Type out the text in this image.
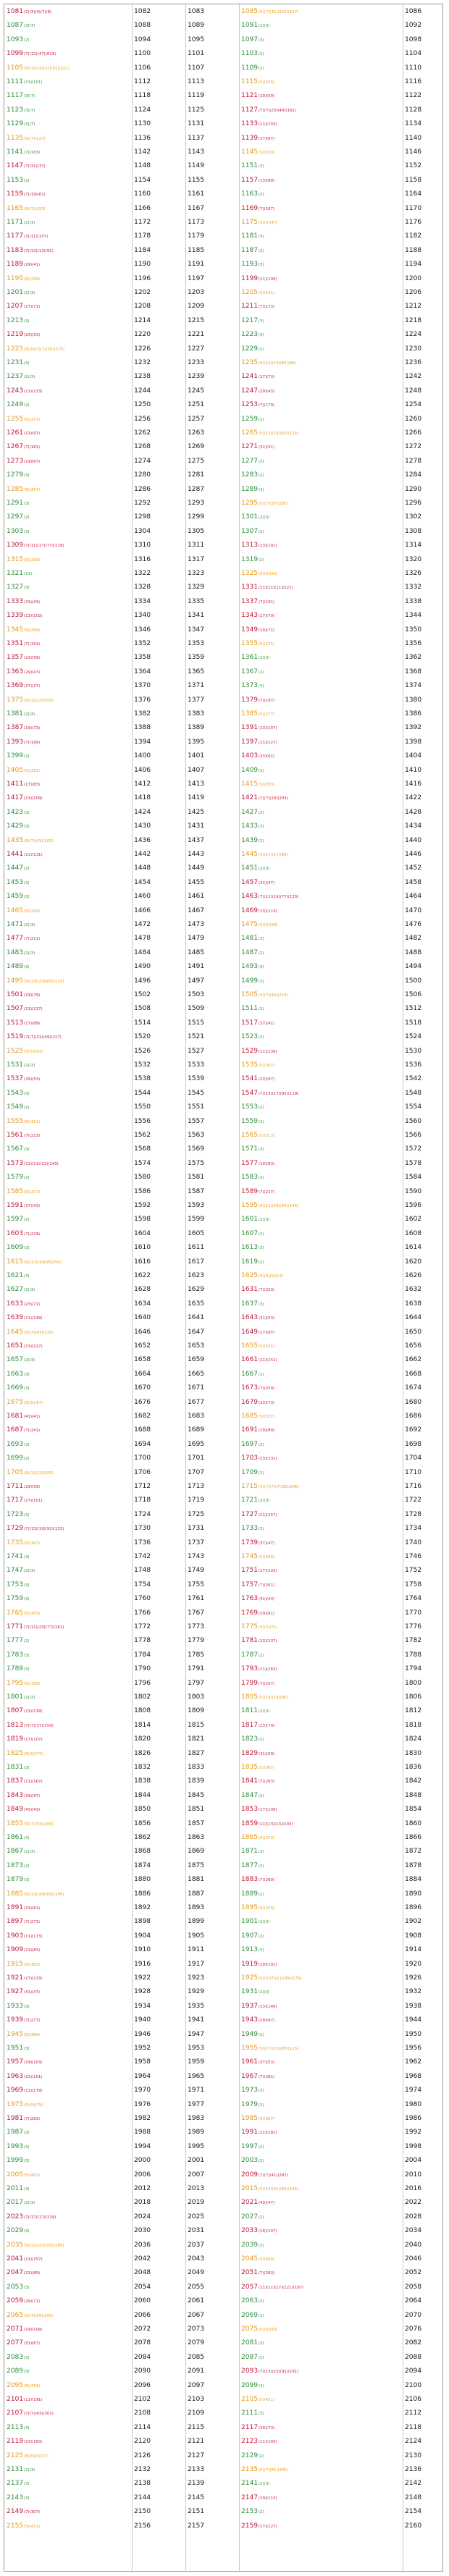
1081(2)(3)(4)(7)(8)
1087(3)(7)
1093(7)
1099(7)(13)(47)(619)
1105(5)(7)(13)(17)(61)(221)
1111(11)(101)
1117(3)(7)
1123(3)(7)
1129(3)(7)
1135(5)(7)(227)
1141(7)(163)
1147(7)(31)(37)
1153(2)
1159(7)(19)(61)
1165(5)(7)(233)
1171(2)(3)
1177(3)(11)(107)
1183(7)(13)(13)(91)
1189(29)(41)
1195(5)(239)
1201(2)(3)
1207(17)(71)
1213(3)
1219(23)(53)
1225(5)(5)(7)(7)(35)(175)
1231(3)
1237(2)(3)
1243(11)(113)
1249(2)
1255(5)(251)
1261(13)(97)
1267(7)(181)
1273(19)(67)
1279(3)
1285(5)(257)
1291(3)
1297(2)
1303(3)
1309(7)(11)(17)(77)(119)
1315(5)(263)
1321(13)
1327(3)
1333(31)(43)
1339(13)(103)
1345(5)(269)
1351(7)(193)
1357(23)(59)
1363(29)(47)
1369(37)(37)
1375(5)(11)(25)(55)
1381(2)(3)
1387(19)(73)
1393(7)(199)
1399(2)
1405(5)(281)
1411(17)(83)
1417(13)(109)
1423(3)
1429(3)
1435(5)(7)(41)(205)
1441(11)(131)
1447(2)
1453(3)
1459(3)
1465(5)(293)
1471(2)(3)
1477(7)(211)
1483(2)(3)
1489(3)
1495(5)(13)(23)(65)(115)
1501(19)(79)
1507(11)(137)
1513(17)(89)
1519(7)(7)(31)(49)(217)
1525(5)(5)(61)
1531(2)(3)
1537(29)(53)
1543(3)
1549(2)
1555(5)(311)
1561(7)(223)
1567(3)
1573(11)(11)(13)(143)
1579(2)
1585(5)(317)
1591(37)(43)
1597(2)
1603(7)(229)
1609(3)
1615(5)(17)(19)(85)(95)
1621(3)
1627(2)(3)
1633(23)(71)
1639(11)(149)
1645(5)(7)(47)(235)
1651(13)(127)
1657(2)(3)
1663(3)
1669(3)
1675(5)(5)(67)
1681(41)(41)
1687(7)(241)
1693(3)
1699(2)
1705(5)(11)(31)(55)
1711(29)(59)
1717(17)(101)
1723(3)
1729(7)(13)(19)(91)(133)
1735(5)(347)
1741(3)
1747(2)(3)
1753(3)
1759(3)
1765(5)(353)
1771(7)(11)(23)(77)(161)
1777(2)
1783(3)
1789(3)
1795(5)(359)
1801(2)(3)
1807(13)(139)
1813(7)(7)(37)(259)
1819(17)(107)
1825(5)(5)(73)
1831(3)
1837(11)(167)
1843(19)(97)
1849(43)(43)
1855(5)(7)(53)(265)
1861(3)
1867(2)(3)
1873(2)
1879(3)
1885(5)(13)(29)(65)(145)
1891(31)(61)
1897(7)(271)
1903(11)(173)
1909(23)(83)
1915(5)(383)
1921(17)(113)
1927(41)(47)
1933(3)
1939(7)(277)
1945(5)(389)
1951(3)
1957(19)(103)
1963(13)(151)
1969(11)(179)
1975(5)(5)(79)
1981(7)(283)
1987(3)
1993(3)
1999(3)
2005(5)(401)
2011(3)
2017(2)(3)
2023(7)(17)(17)(119)
2029(3)
2035(5)(11)(37)(55)(185)
2041(13)(157)
2047(23)(89)
2053(3)
2059(29)(71)
2065(5)(7)(59)(295)
2071(19)(109)
2077(31)(67)
2083(3)
2089(3)
2095(5)(419)
2101(11)(191)
2107(7)(7)(43)(301)
2113(3)
2119(13)(163)
2125(5)(5)(5)(17)
2131(2)(3)
2137(3)
2143(3)
2149(7)(307)
2155(5)(431)
1082
1088
1094
1100
1106
1112
1118
1124
1130
1136
1142
1148
1154
1160
1166
1172
1178
1184
1190
1196
1202
1208
1214
1220
1226
1232
1238
1244
1250
1256
1262
1268
1274
1280
1286
1292
1298
1304
1310
1316
1322
1328
1334
1340
1346
1352
1358
1364
1370
1376
1382
1388
1394
1400
1406
1412
1418
1424
1430
1436
1442
1448
1454
1460
1466
1472
1478
1484
1490
1496
1502
1508
1514
1520
1526
1532
1538
1544
1550
1556
1562
1568
1574
1580
1586
1592
1598
1604
1610
1616
1622
1628
1634
1640
1646
1652
1658
1664
1670
1676
1682
1688
1694
1700
1706
1712
1718
1724
1730
1736
1742
1748
1754
1760
1766
1772
1778
1784
1790
1796
1802
1808
1814
1820
1826
1832
1838
1844
1850
1856
1862
1868
1874
1880
1886
1892
1898
1904
1910
1916
1922
1928
1934
1940
1946
1952
1958
1964
1970
1976
1982
1988
1994
2000
2006
2012
2018
2024
2030
2036
2042
2048
2054
2060
2066
2072
2078
2084
2090
2096
2102
2108
2114
2120
2126
2132
2138
2144
2150
2156
1083
1089
1095
1101
1107
1113
1119
1125
1131
1137
1143
1149
1155
1161
1167
1173
1179
1185
1191
1197
1203
1209
1215
1221
1227
1233
1239
1245
1251
1257
1263
1269
1275
1281
1287
1293
1299
1305
1311
1317
1323
1329
1335
1341
1347
1353
1359
1365
1371
1377
1383
1389
1395
1401
1407
1413
1419
1425
1431
1437
1443
1449
1455
1461
1467
1473
1479
1485
1491
1497
1503
1509
1515
1521
1527
1533
1539
1545
1551
1557
1563
1569
1575
1581
1587
1593
1599
1605
1611
1617
1623
1629
1635
1641
1647
1653
1659
1665
1671
1677
1683
1689
1695
1701
1707
1713
1719
1725
1731
1737
1743
1749
1755
1761
1767
1773
1779
1785
1791
1797
1803
1809
1815
1821
1827
1833
1839
1845
1851
1857
1863
1869
1875
1881
1887
1893
1899
1905
1911
1917
1923
1929
1935
1941
1947
1953
1959
1965
1971
1977
1983
1989
1995
2001
2007
2013
2019
2025
2031
2037
2043
2049
2055
2061
2067
2073
2079
2085
2091
2097
2103
2109
2115
2121
2127
2133
2139
2145
2151
2157
1085(5)(7)(31)(155)(217)
1091(2)(3)
1097(3)
1103(2)
1109(2)
1115(5)(223)
1121(19)(59)
1127(7)(7)(23)(49)(161)
1133(11)(103)
1139(17)(67)
1145(5)(229)
1151(3)
1157(13)(89)
1163(2)
1169(7)(167)
1175(5)(5)(47)
1181(3)
1187(2)
1193(3)
1199(11)(109)
1205(5)(241)
1211(7)(173)
1217(3)
1223(3)
1229(2)
1235(5)(13)(19)(65)(95)
1241(17)(73)
1247(29)(43)
1253(7)(179)
1259(2)
1265(5)(11)(23)(55)(115)
1271(31)(41)
1277(3)
1283(2)
1289(3)
1295(5)(7)(37)(185)
1301(2)(3)
1307(2)
1313(13)(101)
1319(2)
1325(5)(5)(53)
1331(11)(11)(11)(121)
1337(7)(191)
1343(17)(79)
1349(19)(71)
1355(5)(271)
1361(2)(3)
1367(2)
1373(3)
1379(7)(197)
1385(5)(277)
1391(13)(107)
1397(11)(127)
1403(23)(61)
1409(2)
1415(5)(283)
1421(7)(7)(29)(203)
1427(2)
1433(3)
1439(2)
1445(5)(17)(17)(85)
1451(2)(3)
1457(31)(47)
1463(7)(11)(19)(77)(133)
1469(13)(113)
1475(5)(5)(59)
1481(3)
1487(2)
1493(3)
1499(3)
1505(5)(7)(43)(215)
1511(3)
1517(37)(41)
1523(2)
1529(11)(139)
1535(5)(307)
1541(23)(67)
1547(7)(13)(17)(91)(119)
1553(2)
1559(2)
1565(5)(313)
1571(3)
1577(19)(83)
1583(2)
1589(7)(227)
1595(5)(11)(29)(55)(145)
1601(2)(3)
1607(2)
1613(3)
1619(2)
1625(5)(5)(5)(13)
1631(7)(233)
1637(3)
1643(31)(53)
1649(17)(97)
1655(5)(331)
1661(11)(151)
1667(2)
1673(7)(239)
1679(23)(73)
1685(5)(337)
1691(19)(89)
1697(2)
1703(13)(131)
1709(2)
1715(5)(7)(7)(7)(35)(245)
1721(2)(3)
1727(11)(157)
1733(3)
1739(37)(47)
1745(5)(349)
1751(17)(103)
1757(7)(251)
1763(41)(43)
1769(29)(61)
1775(5)(5)(71)
1781(13)(137)
1787(2)
1793(11)(163)
1799(7)(257)
1805(5)(19)(19)(95)
1811(2)(3)
1817(23)(79)
1823(2)
1829(31)(59)
1835(5)(367)
1841(7)(263)
1847(2)
1853(17)(109)
1859(11)(13)(13)(143)
1865(5)(373)
1871(3)
1877(2)
1883(7)(269)
1889(2)
1895(5)(379)
1901(2)(3)
1907(2)
1913(3)
1919(19)(101)
1925(5)(5)(7)(11)(35)(175)
1931(2)(3)
1937(13)(149)
1943(29)(67)
1949(2)
1955(5)(17)(23)(85)(115)
1961(37)(53)
1967(7)(281)
1973(3)
1979(2)
1985(5)(397)
1991(11)(181)
1997(2)
2003(2)
2009(7)(7)(41)(287)
2015(5)(13)(31)(65)(155)
2021(43)(47)
2027(2)
2033(19)(107)
2039(2)
2045(5)(409)
2051(7)(293)
2057(11)(11)(17)(121)(187)
2063(2)
2069(2)
2075(5)(5)(83)
2081(3)
2087(2)
2093(7)(13)(23)(91)(161)
2099(2)
2105(5)(421)
2111(3)
2117(29)(73)
2123(11)(193)
2129(2)
2135(5)(7)(61)(305)
2141(2)(3)
2147(19)(113)
2153(2)
2159(17)(127)
1086
1092
1098
1104
1110
1116
1122
1128
1134
1140
1146
1152
1158
1164
1170
1176
1182
1188
1194
1200
1206
1212
1218
1224
1230
1236
1242
1248
1254
1260
1266
1272
1278
1284
1290
1296
1302
1308
1314
1320
1326
1332
1338
1344
1350
1356
1362
1368
1374
1380
1386
1392
1398
1404
1410
1416
1422
1428
1434
1440
1446
1452
1458
1464
1470
1476
1482
1488
1494
1500
1506
1512
1518
1524
1530
1536
1542
1548
1554
1560
1566
1572
1578
1584
1590
1596
1602
1608
1614
1620
1626
1632
1638
1644
1650
1656
1662
1668
1674
1680
1686
1692
1698
1704
1710
1716
1722
1728
1734
1740
1746
1752
1758
1764
1770
1776
1782
1788
1794
1800
1806
1812
1818
1824
1830
1836
1842
1848
1854
1860
1866
1872
1878
1884
1890
1896
1902
1908
1914
1920
1926
1932
1938
1944
1950
1956
1962
1968
1974
1980
1986
1992
1998
2004
2010
2016
2022
2028
2034
2040
2046
2052
2058
2064
2070
2076
2082
2088
2094
2100
2106
2112
2118
2124
2130
2136
2142
2148
2154
2160
